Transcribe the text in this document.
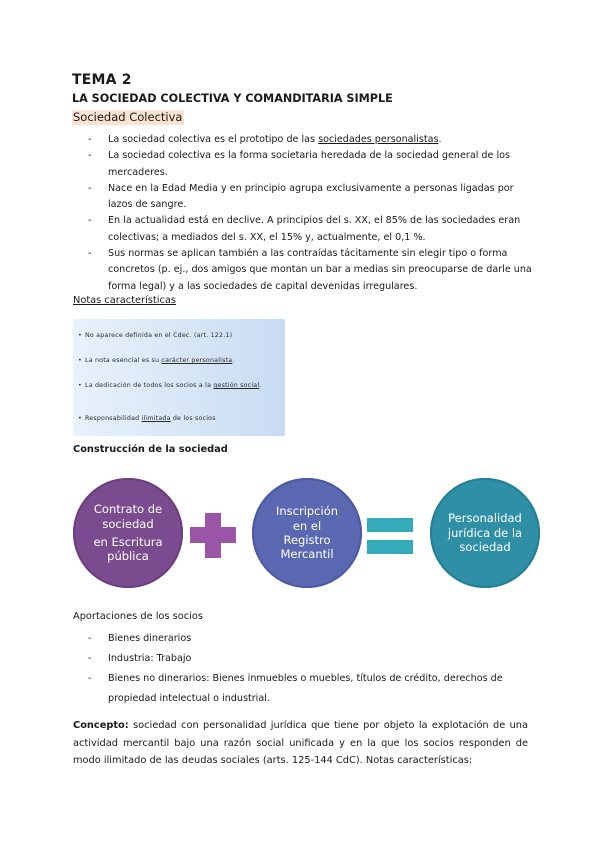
TEMA 2
LA SOCIEDAD COLECTIVA Y COMANDITARIA SIMPLE
Sociedad Colectiva
- La sociedad colectiva es el prototipo de las sociedades personalistas.
- La sociedad colectiva es la forma societaria heredada de la sociedad general de los mercaderes.
- Nace en la Edad Media y en principio agrupa exclusivamente a personas ligadas por lazos de sangre.
- En la actualidad está en declive. A principios del s. XX, el 85% de las sociedades eran colectivas; a mediados del s. XX, el 15% y, actualmente, el 0,1 %.
- Sus normas se aplican también a las contraídas tácitamente sin elegir tipo o forma concretos (p. ej., dos amigos que montan un bar a medias sin preocuparse de darle una forma legal) y a las sociedades de capital devenidas irregulares.
Notas características
• No aparece definida en el Cdeс. (art. 122.1)
• La nota esencial es su carácter personalista.
• La dedicación de todos los socios a la gestión social.
• Responsabilidad ilimitada de los socios
Construcción de la sociedad
Contrato de sociedad
en Escritura pública
Inscripción en el Registro Mercantil
Personalidad jurídica de la sociedad
Aportaciones de los socios
- Bienes dinerarios
- Industria: Trabajo
- Bienes no dinerarios: Bienes inmuebles o muebles, títulos de crédito, derechos de propiedad intelectual o industrial.
Concepto: sociedad con personalidad jurídica que tiene por objeto la explotación de una actividad mercantil bajo una razón social unificada y en la que los socios responden de modo ilimitado de las deudas sociales (arts. 125-144 CdC). Notas características:
